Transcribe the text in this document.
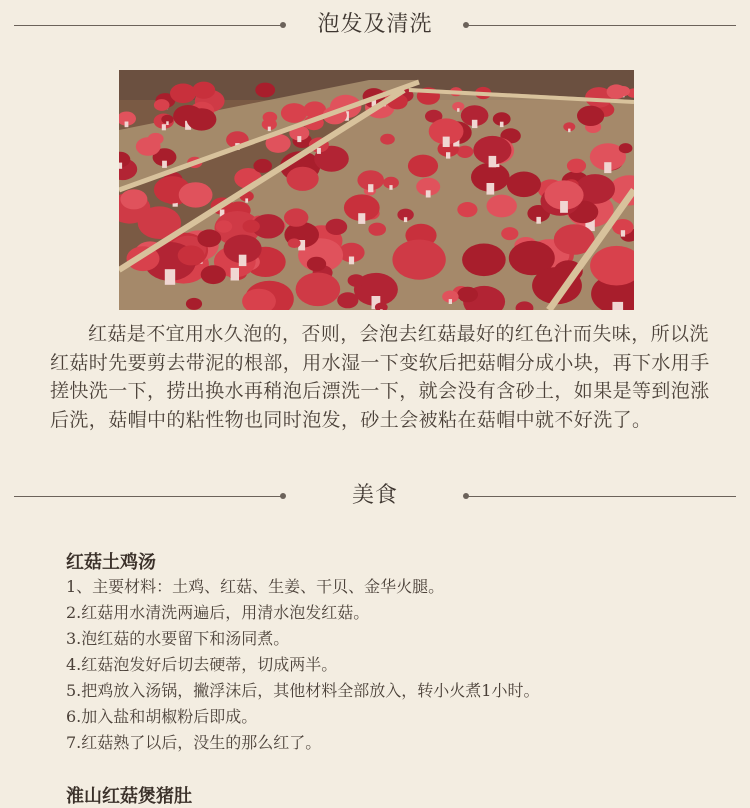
泡发及清洗
红菇是不宜用水久泡的，否则，会泡去红菇最好的红色汁而失味，所以洗红菇时先要剪去带泥的根部，用水湿一下变软后把菇帽分成小块，再下水用手搓快洗一下，捞出换水再稍泡后漂洗一下，就会没有含砂土，如果是等到泡涨后洗，菇帽中的粘性物也同时泡发，砂土会被粘在菇帽中就不好洗了。
美食
红菇土鸡汤
1、主要材料：土鸡、红菇、生姜、干贝、金华火腿。
2.红菇用水清洗两遍后，用清水泡发红菇。
3.泡红菇的水要留下和汤同煮。
4.红菇泡发好后切去硬蒂，切成两半。
5.把鸡放入汤锅，撇浮沫后，其他材料全部放入，转小火煮1小时。
6.加入盐和胡椒粉后即成。
7.红菇熟了以后，没生的那么红了。
淮山红菇煲猪肚
